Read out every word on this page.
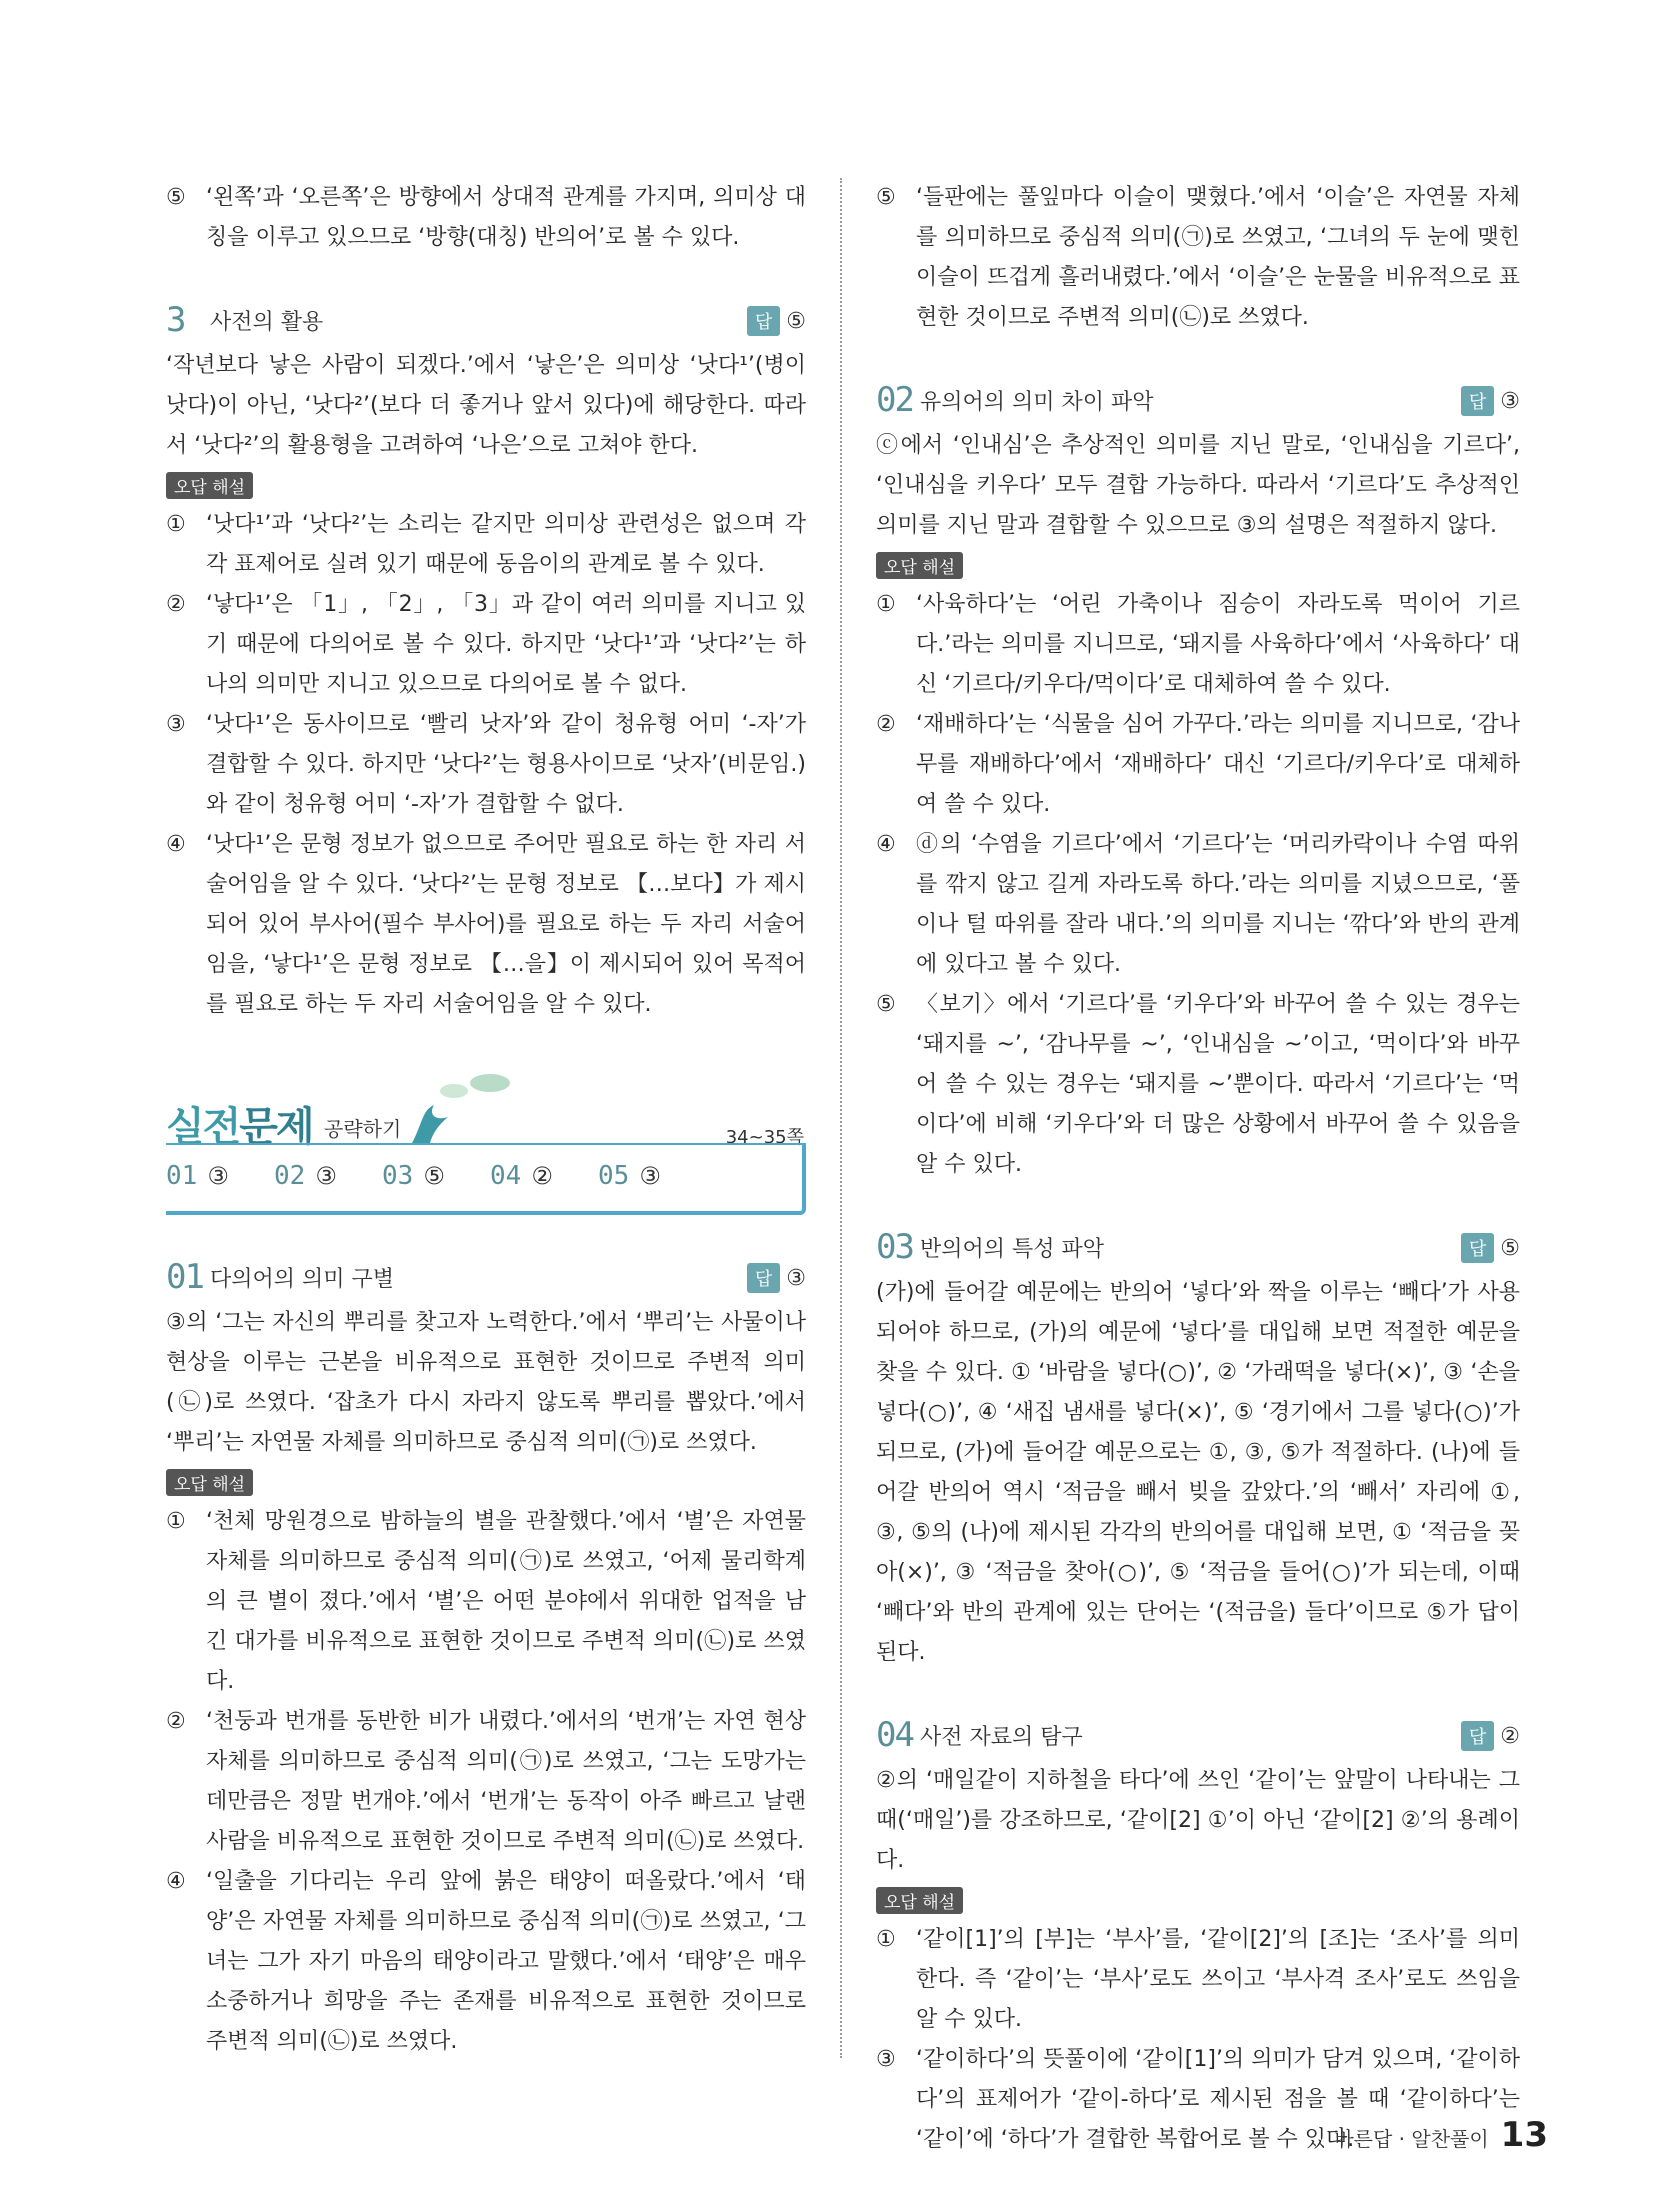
⑤ ‘왼쪽’과 ‘오른쪽’은 방향에서 상대적 관계를 가지며, 의미상 대칭을 이루고 있으므로 ‘방향(대칭) 반의어’로 볼 수 있다.

3	사전의 활용	답 ⑤

‘작년보다 낳은 사람이 되겠다.’에서 ‘낳은’은 의미상 ‘낫다¹’(병이 낫다)이 아닌, ‘낫다²’(보다 더 좋거나 앞서 있다)에 해당한다. 따라서 ‘낫다²’의 활용형을 고려하여 ‘나은’으로 고쳐야 한다.

오답 해설

① ‘낫다¹’과 ‘낫다²’는 소리는 같지만 의미상 관련성은 없으며 각각 표제어로 실려 있기 때문에 동음이의 관계로 볼 수 있다.

② ‘낳다¹’은 「1」, 「2」, 「3」과 같이 여러 의미를 지니고 있기 때문에 다의어로 볼 수 있다. 하지만 ‘낫다¹’과 ‘낫다²’는 하나의 의미만 지니고 있으므로 다의어로 볼 수 없다.

③ ‘낫다¹’은 동사이므로 ‘빨리 낫자’와 같이 청유형 어미 ‘-자’가 결합할 수 있다. 하지만 ‘낫다²’는 형용사이므로 ‘낫자’(비문임.)와 같이 청유형 어미 ‘-자’가 결합할 수 없다.

④ ‘낫다¹’은 문형 정보가 없으므로 주어만 필요로 하는 한 자리 서술어임을 알 수 있다. ‘낫다²’는 문형 정보로 【…보다】가 제시되어 있어 부사어(필수 부사어)를 필요로 하는 두 자리 서술어임을, ‘낳다¹’은 문형 정보로 【…을】이 제시되어 있어 목적어를 필요로 하는 두 자리 서술어임을 알 수 있다.

실전문제 공략하기	34~35쪽
01 ③	02 ③	03 ⑤	04 ②	05 ③
01 다의어의 의미 구별	답 ③

③의 ‘그는 자신의 뿌리를 찾고자 노력한다.’에서 ‘뿌리’는 사물이나 현상을 이루는 근본을 비유적으로 표현한 것이므로 주변적 의미(㉡)로 쓰였다. ‘잡초가 다시 자라지 않도록 뿌리를 뽑았다.’에서 ‘뿌리’는 자연물 자체를 의미하므로 중심적 의미(㉠)로 쓰였다.

오답 해설

① ‘천체 망원경으로 밤하늘의 별을 관찰했다.’에서 ‘별’은 자연물 자체를 의미하므로 중심적 의미(㉠)로 쓰였고, ‘어제 물리학계의 큰 별이 졌다.’에서 ‘별’은 어떤 분야에서 위대한 업적을 남긴 대가를 비유적으로 표현한 것이므로 주변적 의미(㉡)로 쓰였다.

② ‘천둥과 번개를 동반한 비가 내렸다.’에서의 ‘번개’는 자연 현상 자체를 의미하므로 중심적 의미(㉠)로 쓰였고, ‘그는 도망가는 데만큼은 정말 번개야.’에서 ‘번개’는 동작이 아주 빠르고 날랜 사람을 비유적으로 표현한 것이므로 주변적 의미(㉡)로 쓰였다.

④ ‘일출을 기다리는 우리 앞에 붉은 태양이 떠올랐다.’에서 ‘태양’은 자연물 자체를 의미하므로 중심적 의미(㉠)로 쓰였고, ‘그녀는 그가 자기 마음의 태양이라고 말했다.’에서 ‘태양’은 매우 소중하거나 희망을 주는 존재를 비유적으로 표현한 것이므로 주변적 의미(㉡)로 쓰였다.

⑤ ‘들판에는 풀잎마다 이슬이 맺혔다.’에서 ‘이슬’은 자연물 자체를 의미하므로 중심적 의미(㉠)로 쓰였고, ‘그녀의 두 눈에 맺힌 이슬이 뜨겁게 흘러내렸다.’에서 ‘이슬’은 눈물을 비유적으로 표현한 것이므로 주변적 의미(㉡)로 쓰였다.

02 유의어의 의미 차이 파악	답 ③

ⓒ에서 ‘인내심’은 추상적인 의미를 지닌 말로, ‘인내심을 기르다’, ‘인내심을 키우다’ 모두 결합 가능하다. 따라서 ‘기르다’도 추상적인 의미를 지닌 말과 결합할 수 있으므로 ③의 설명은 적절하지 않다.

오답 해설

① ‘사육하다’는 ‘어린 가축이나 짐승이 자라도록 먹이어 기르다.’라는 의미를 지니므로, ‘돼지를 사육하다’에서 ‘사육하다’ 대신 ‘기르다/키우다/먹이다’로 대체하여 쓸 수 있다.

② ‘재배하다’는 ‘식물을 심어 가꾸다.’라는 의미를 지니므로, ‘감나무를 재배하다’에서 ‘재배하다’ 대신 ‘기르다/키우다’로 대체하여 쓸 수 있다.

④ ⓓ의 ‘수염을 기르다’에서 ‘기르다’는 ‘머리카락이나 수염 따위를 깎지 않고 길게 자라도록 하다.’라는 의미를 지녔으므로, ‘풀이나 털 따위를 잘라 내다.’의 의미를 지니는 ‘깎다’와 반의 관계에 있다고 볼 수 있다.

⑤ 〈보기〉에서 ‘기르다’를 ‘키우다’와 바꾸어 쓸 수 있는 경우는 ‘돼지를 ~’, ‘감나무를 ~’, ‘인내심을 ~’이고, ‘먹이다’와 바꾸어 쓸 수 있는 경우는 ‘돼지를 ~’뿐이다. 따라서 ‘기르다’는 ‘먹이다’에 비해 ‘키우다’와 더 많은 상황에서 바꾸어 쓸 수 있음을 알 수 있다.

03 반의어의 특성 파악	답 ⑤

(가)에 들어갈 예문에는 반의어 ‘넣다’와 짝을 이루는 ‘빼다’가 사용되어야 하므로, (가)의 예문에 ‘넣다’를 대입해 보면 적절한 예문을 찾을 수 있다. ① ‘바람을 넣다(○)’, ② ‘가래떡을 넣다(×)’, ③ ‘손을 넣다(○)’, ④ ‘새집 냄새를 넣다(×)’, ⑤ ‘경기에서 그를 넣다(○)’가 되므로, (가)에 들어갈 예문으로는 ①, ③, ⑤가 적절하다. (나)에 들어갈 반의어 역시 ‘적금을 빼서 빚을 갚았다.’의 ‘빼서’ 자리에 ①, ③, ⑤의 (나)에 제시된 각각의 반의어를 대입해 보면, ① ‘적금을 꽂아(×)’, ③ ‘적금을 찾아(○)’, ⑤ ‘적금을 들어(○)’가 되는데, 이때 ‘빼다’와 반의 관계에 있는 단어는 ‘(적금을) 들다’이므로 ⑤가 답이 된다.

04 사전 자료의 탐구	답 ②

②의 ‘매일같이 지하철을 타다’에 쓰인 ‘같이’는 앞말이 나타내는 그 때(‘매일’)를 강조하므로, ‘같이[2] ①’이 아닌 ‘같이[2] ②’의 용례이다.

오답 해설

① ‘같이[1]’의 [부]는 ‘부사’를, ‘같이[2]’의 [조]는 ‘조사’를 의미한다. 즉 ‘같이’는 ‘부사’로도 쓰이고 ‘부사격 조사’로도 쓰임을 알 수 있다.

③ ‘같이하다’의 뜻풀이에 ‘같이[1]’의 의미가 담겨 있으며, ‘같이하다’의 표제어가 ‘같이-하다’로 제시된 점을 볼 때 ‘같이하다’는 ‘같이’에 ‘하다’가 결합한 복합어로 볼 수 있다.

바른답 · 알찬풀이 13
